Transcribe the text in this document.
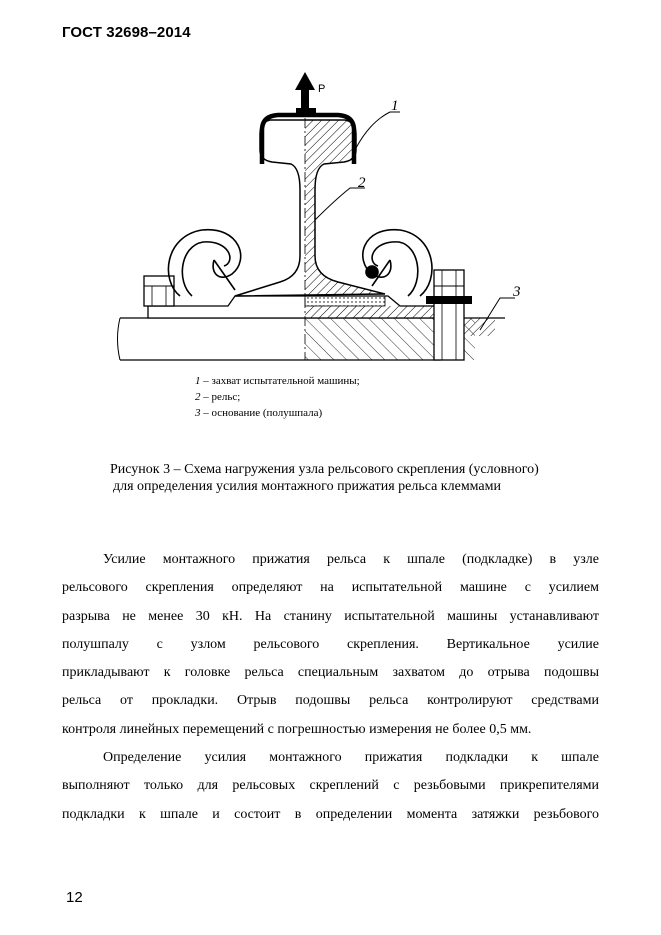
ГОСТ 32698–2014
P
1
2
3
1 – захват испытательной машины;
2 – рельс;
3 – основание (полушпала)
Рисунок 3 – Схема нагружения узла рельсового скрепления (условного)
для определения усилия монтажного прижатия рельса клеммами
Усилие монтажного прижатия рельса к шпале (подкладке) в узле
рельсового скрепления определяют на испытательной машине с усилием
разрыва не менее 30 кН. На станину испытательной машины устанавливают
полушпалу с узлом рельсового скрепления. Вертикальное усилие
прикладывают к головке рельса специальным захватом до отрыва подошвы
рельса от прокладки. Отрыв подошвы рельса контролируют средствами
контроля линейных перемещений с погрешностью измерения не более 0,5 мм.
Определение усилия монтажного прижатия подкладки к шпале
выполняют только для рельсовых скреплений с резьбовыми прикрепителями
подкладки к шпале и состоит в определении момента затяжки резьбового
12
